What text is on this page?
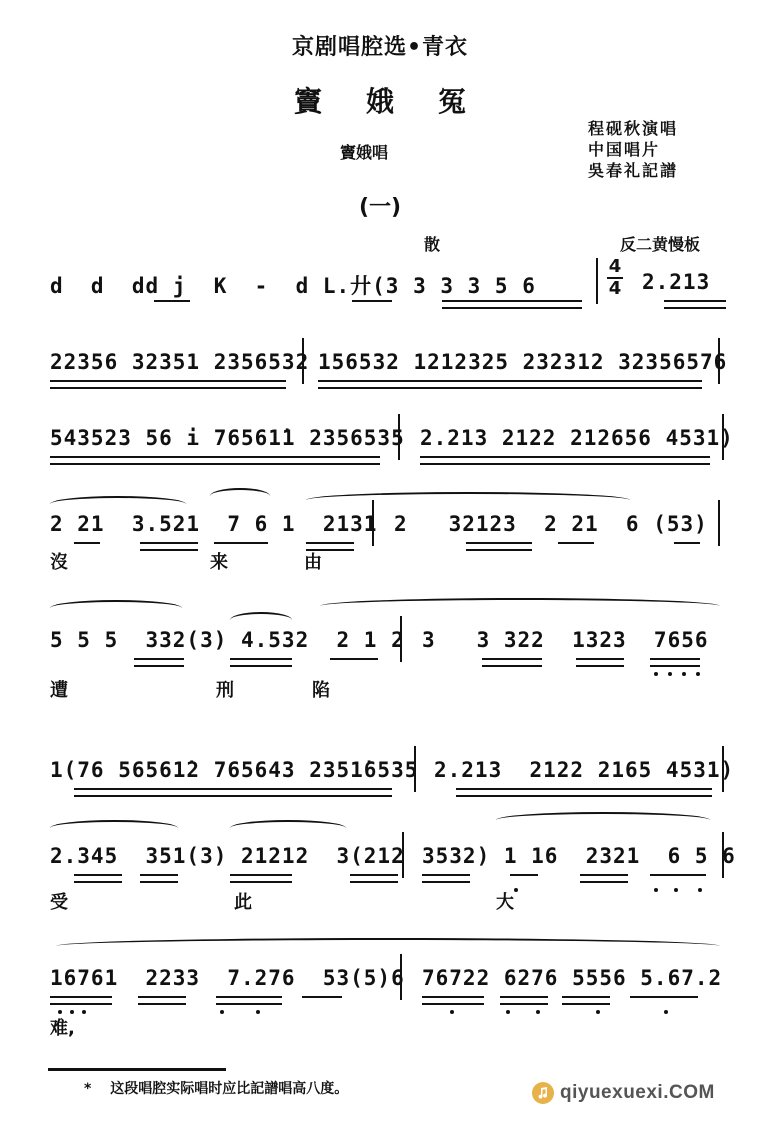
京剧唱腔选•青衣
竇娥冤
竇娥唱
程砚秋演唱
中国唱片
吳春礼記譜
(一)
散	反二黄慢板
d  d  dd j  K  -  d L.廾(3 3 3 3 5 6
4
4 2.213
22356 32351 2356532 156532 1212325 232312 32356576
543523 56 i 76561̇1 2356535 2.213 2122 212656 4531)
2 21  3.521  7 6 1  2131 2   32123  2 21  6 (53)
沒	来	由
5 5 5  332(3) 4.532  2 1 2 3   3 322  1323  7656
遭	刑	陷
1(76 56561̇2 765643 2351̇6535 2.213  2122 2165 4531)
2.345  351(3) 21212  3(212 3532) 1 16  2321  6 5 6
受	此	大
16761  2233  7.276  53(5)6 76722 6276 5556 5.67.2
难,
* 这段唱腔实际唱时应比記譜唱高八度。	qiyuexuexi.COM
